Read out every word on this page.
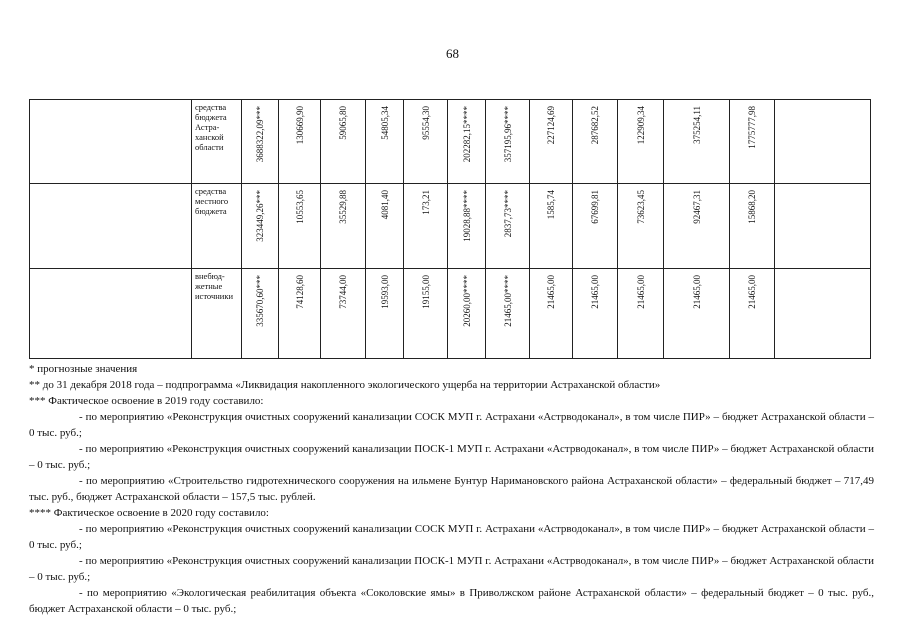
68

	средства
бюджета
Астра-
ханской
области	3688322,09***	130669,90	59065,80	54805,34	95554,30	202282,15****	357195,96****	227124,69	287682,52	122909,34	375254,11	1775777,98	

	средства
местного
бюджета	323449,26***	10553,65	35529,88	4081,40	173,21	19028,88****	2837,73****	1585,74	67699,81	73623,45	92467,31	15868,20	

	внебюд-
жетные
источники	335670,60***	74128,60	73744,00	19593,00	19155,00	20260,00****	21465,00****	21465,00	21465,00	21465,00	21465,00	21465,00	

* прогнозные значения

** до 31 декабря 2018 года – подпрограмма «Ликвидация накопленного экологического ущерба на территории Астраханской области»

*** Фактическое освоение в 2019 году составило:

- по мероприятию «Реконструкция очистных сооружений канализации СОСК МУП г. Астрахани «Астрводоканал», в том числе ПИР» – бюджет Астраханской области – 0 тыс. руб.;

- по мероприятию «Реконструкция очистных сооружений канализации ПОСК-1 МУП г. Астрахани «Астрводоканал», в том числе ПИР» – бюджет Астраханской области – 0 тыс. руб.;

- по мероприятию «Строительство гидротехнического сооружения на ильмене Бунтур Наримановского района Астраханской области» – федеральный бюджет – 717,49 тыс. руб., бюджет Астраханской области – 157,5 тыс. рублей.

**** Фактическое освоение в 2020 году составило:

- по мероприятию «Реконструкция очистных сооружений канализации СОСК МУП г. Астрахани «Астрводоканал», в том числе ПИР» – бюджет Астраханской области – 0 тыс. руб.;

- по мероприятию «Реконструкция очистных сооружений канализации ПОСК-1 МУП г. Астрахани «Астрводоканал», в том числе ПИР» – бюджет Астраханской области – 0 тыс. руб.;

- по мероприятию «Экологическая реабилитация объекта «Соколовские ямы» в Приволжском районе Астраханской области» – федеральный бюджет – 0 тыс. руб., бюджет Астраханской области – 0 тыс. руб.;
